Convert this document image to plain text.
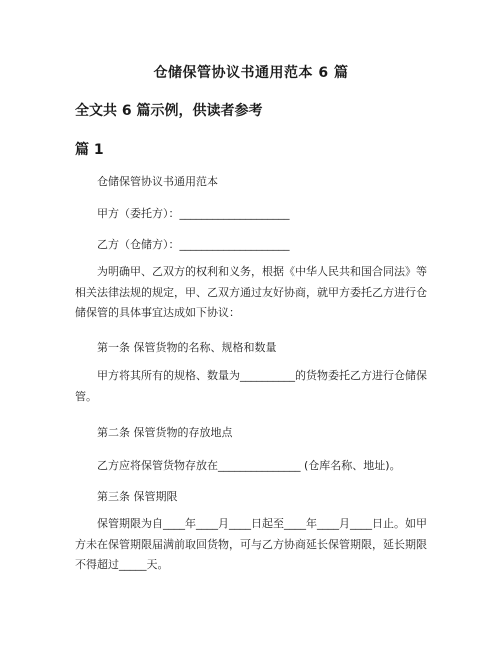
仓储保管协议书通用范本 6 篇
全文共 6 篇示例，供读者参考
篇 1
仓储保管协议书通用范本
甲方（委托方）：____________________
乙方（仓储方）：____________________

为明确甲、乙双方的权利和义务，根据《中华人民共和国合同法》等相关法律法规的规定，甲、乙双方通过友好协商，就甲方委托乙方进行仓储保管的具体事宜达成如下协议：

第一条 保管货物的名称、规格和数量

甲方将其所有的规格、数量为__________的货物委托乙方进行仓储保管。

第二条 保管货物的存放地点

乙方应将保管货物存放在_______________ (仓库名称、地址)。

第三条 保管期限

保管期限为自____年____月____日起至____年____月____日止。如甲方未在保管期限届满前取回货物，可与乙方协商延长保管期限，延长期限不得超过_____天。
